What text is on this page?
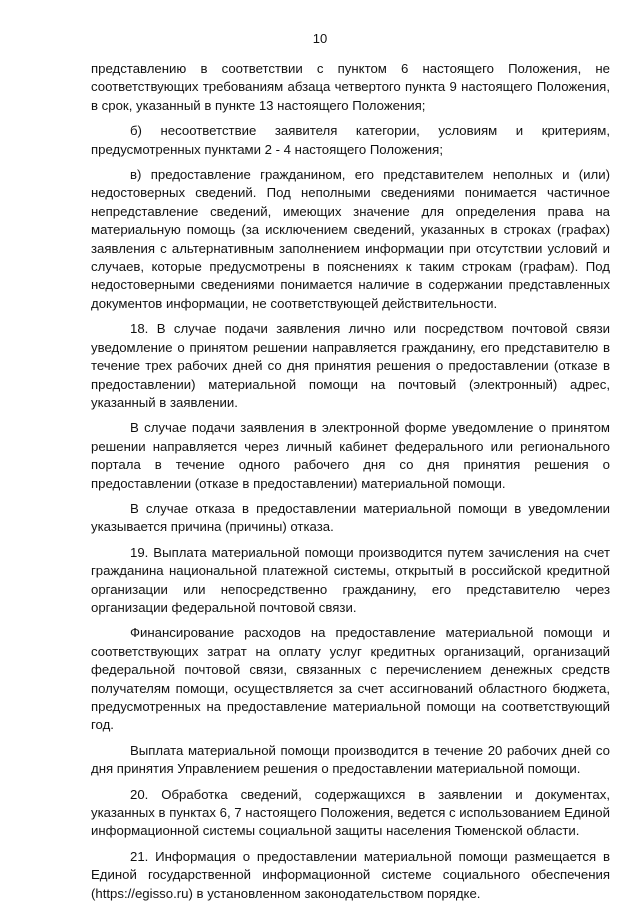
10

представлению в соответствии с пунктом 6 настоящего Положения, не соответствующих требованиям абзаца четвертого пункта 9 настоящего Положения, в срок, указанный в пункте 13 настоящего Положения;

б) несоответствие заявителя категории, условиям и критериям, предусмотренных пунктами 2 - 4 настоящего Положения;

в) предоставление гражданином, его представителем неполных и (или) недостоверных сведений. Под неполными сведениями понимается частичное непредставление сведений, имеющих значение для определения права на материальную помощь (за исключением сведений, указанных в строках (графах) заявления с альтернативным заполнением информации при отсутствии условий и случаев, которые предусмотрены в пояснениях к таким строкам (графам). Под недостоверными сведениями понимается наличие в содержании представленных документов информации, не соответствующей действительности.

18. В случае подачи заявления лично или посредством почтовой связи уведомление о принятом решении направляется гражданину, его представителю в течение трех рабочих дней со дня принятия решения о предоставлении (отказе в предоставлении) материальной помощи на почтовый (электронный) адрес, указанный в заявлении.

В случае подачи заявления в электронной форме уведомление о принятом решении направляется через личный кабинет федерального или регионального портала в течение одного рабочего дня со дня принятия решения о предоставлении (отказе в предоставлении) материальной помощи.

В случае отказа в предоставлении материальной помощи в уведомлении указывается причина (причины) отказа.

19. Выплата материальной помощи производится путем зачисления на счет гражданина национальной платежной системы, открытый в российской кредитной организации или непосредственно гражданину, его представителю через организации федеральной почтовой связи.

Финансирование расходов на предоставление материальной помощи и соответствующих затрат на оплату услуг кредитных организаций, организаций федеральной почтовой связи, связанных с перечислением денежных средств получателям помощи, осуществляется за счет ассигнований областного бюджета, предусмотренных на предоставление материальной помощи на соответствующий год.

Выплата материальной помощи производится в течение 20 рабочих дней со дня принятия Управлением решения о предоставлении материальной помощи.

20. Обработка сведений, содержащихся в заявлении и документах, указанных в пунктах 6, 7 настоящего Положения, ведется с использованием Единой информационной системы социальной защиты населения Тюменской области.

21. Информация о предоставлении материальной помощи размещается в Единой государственной информационной системе социального обеспечения (https://egisso.ru) в установленном законодательством порядке.
